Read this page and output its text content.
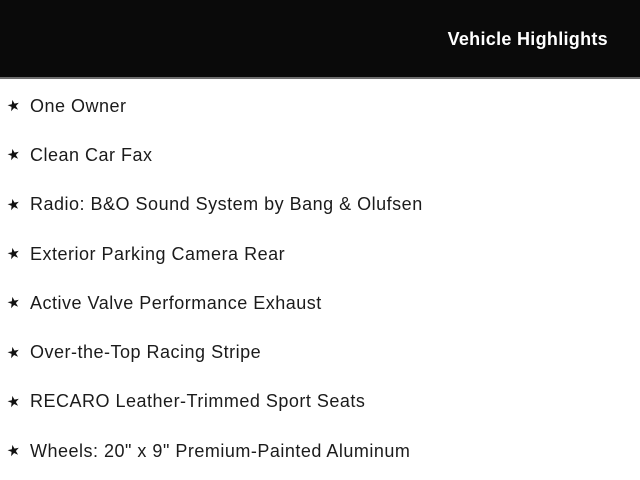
Vehicle Highlights
★ One Owner
★ Clean Car Fax
★ Radio: B&O Sound System by Bang & Olufsen
★ Exterior Parking Camera Rear
★ Active Valve Performance Exhaust
★ Over-the-Top Racing Stripe
★ RECARO Leather-Trimmed Sport Seats
★ Wheels: 20" x 9" Premium-Painted Aluminum
